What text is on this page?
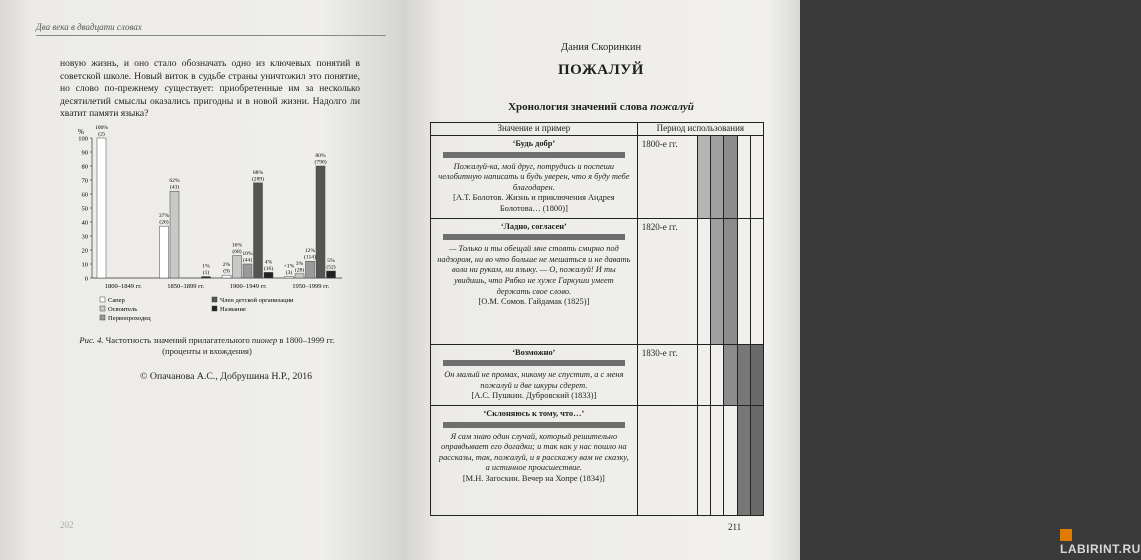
Два века в двадцати словах
новую жизнь, и оно стало обозначать одно из ключевых понятий в советской школе. Новый виток в судьбе страны уничтожил это понятие, но слово по-прежнему существует: приобретенные им за несколько десятилетий смыслы оказались пригодны и в новой жизни. Надолго ли хватит памяти языка?
%
0
10
20
30
40
50
60
70
80
90
100
100%
(2)
1800–1849 гг.
37%
(26)
62%
(43)
1%
(1)
1850–1899 гг.
2%
(9)
16%
(68) 10%
(44)
68%
(289)
4%
(16)
1900–1949 гг.
<1%
(3)
3%
(28)
12%
(114)
80%
(790)
5%
(52)
1950–1999 гг.
Сапер
Освоитель
Первопроходец
Член детской организации
Название
Рис. 4. Частотность значений прилагательного пионер в 1800–1999 гг. (проценты и вхождения)
© Опачанова А.С., Добрушина Н.Р., 2016
202
Дания Скоринкин
ПОЖАЛУЙ
Хронология значений слова пожалуй
Значение и пример	Период использования					

‘Будь добр’
Пожалуй-ка, мой друг, потрудись и поспеши челобитную написать и будь уверен, что я буду тебе благодарен.
[А.Т. Болотов. Жизнь и приключения Андрея Болотова… (1800)]	1800-е гг.					

‘Ладно, согласен’
— Только и ты обещай мне стоять смирно под надзором, ни во что больше не мешаться и не давать воли ни рукам, ни языку. — О, пожалуй! И ты увидишь, что Рябко не хуже Гаркуши умеет держать свое слово.
[О.М. Сомов. Гайдамак (1825)]	1820-е гг.					

‘Возможно’
Он малый не промах, никому не спустит, а с меня пожалуй и две шкуры сдерет.
[А.С. Пушкин. Дубровский (1833)]	1830-е гг.					

‘Склоняюсь к тому, что…’
Я сам знаю один случай, который решительно оправдывает его догадки; и так как у нас пошло на рассказы, так, пожалуй, и я расскажу вам не сказку, а истинное происшествие.
[М.Н. Загоскин. Вечер на Хопре (1834)]						

211
LABIRINT.RU
